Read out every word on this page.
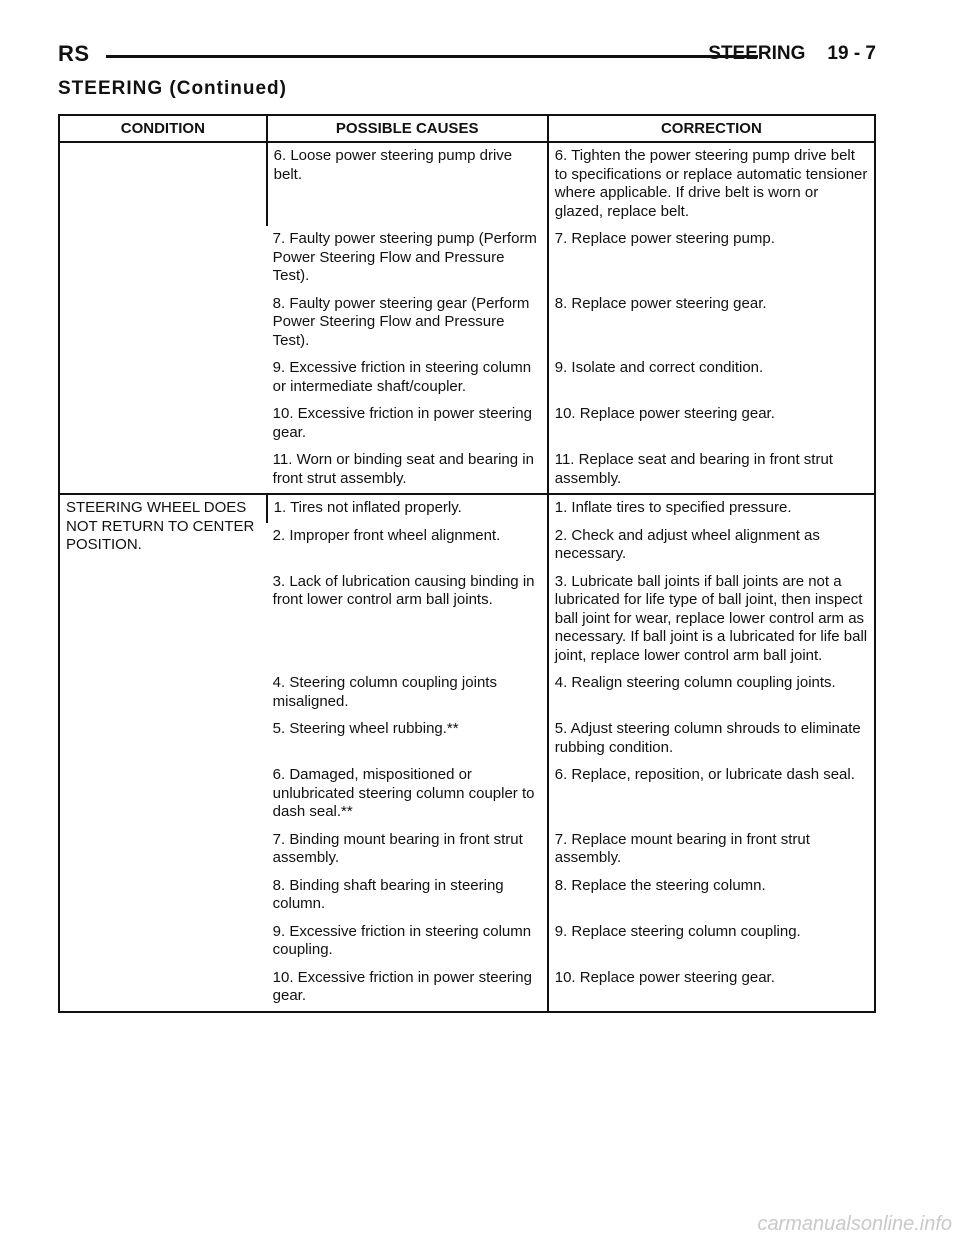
RS	STEERING 19 - 7
STEERING (Continued)
CONDITION	POSSIBLE CAUSES	CORRECTION
	6. Loose power steering pump drive belt.	6. Tighten the power steering pump drive belt to specifications or replace automatic tensioner where applicable. If drive belt is worn or glazed, replace belt.
	7. Faulty power steering pump (Perform Power Steering Flow and Pressure Test).	7. Replace power steering pump.
	8. Faulty power steering gear (Perform Power Steering Flow and Pressure Test).	8. Replace power steering gear.
	9. Excessive friction in steering column or intermediate shaft/coupler.	9. Isolate and correct condition.
	10. Excessive friction in power steering gear.	10. Replace power steering gear.
	11. Worn or binding seat and bearing in front strut assembly.	11. Replace seat and bearing in front strut assembly.
STEERING WHEEL DOES NOT RETURN TO CENTER POSITION.	1. Tires not inflated properly.	1. Inflate tires to specified pressure.
	2. Improper front wheel alignment.	2. Check and adjust wheel alignment as necessary.
	3. Lack of lubrication causing binding in front lower control arm ball joints.	3. Lubricate ball joints if ball joints are not a lubricated for life type of ball joint, then inspect ball joint for wear, replace lower control arm as necessary. If ball joint is a lubricated for life ball joint, replace lower control arm ball joint.
	4. Steering column coupling joints misaligned.	4. Realign steering column coupling joints.
	5. Steering wheel rubbing.**	5. Adjust steering column shrouds to eliminate rubbing condition.
	6. Damaged, mispositioned or unlubricated steering column coupler to dash seal.**	6. Replace, reposition, or lubricate dash seal.
	7. Binding mount bearing in front strut assembly.	7. Replace mount bearing in front strut assembly.
	8. Binding shaft bearing in steering column.	8. Replace the steering column.
	9. Excessive friction in steering column coupling.	9. Replace steering column coupling.
	10. Excessive friction in power steering gear.	10. Replace power steering gear.
carmanualsonline.info
